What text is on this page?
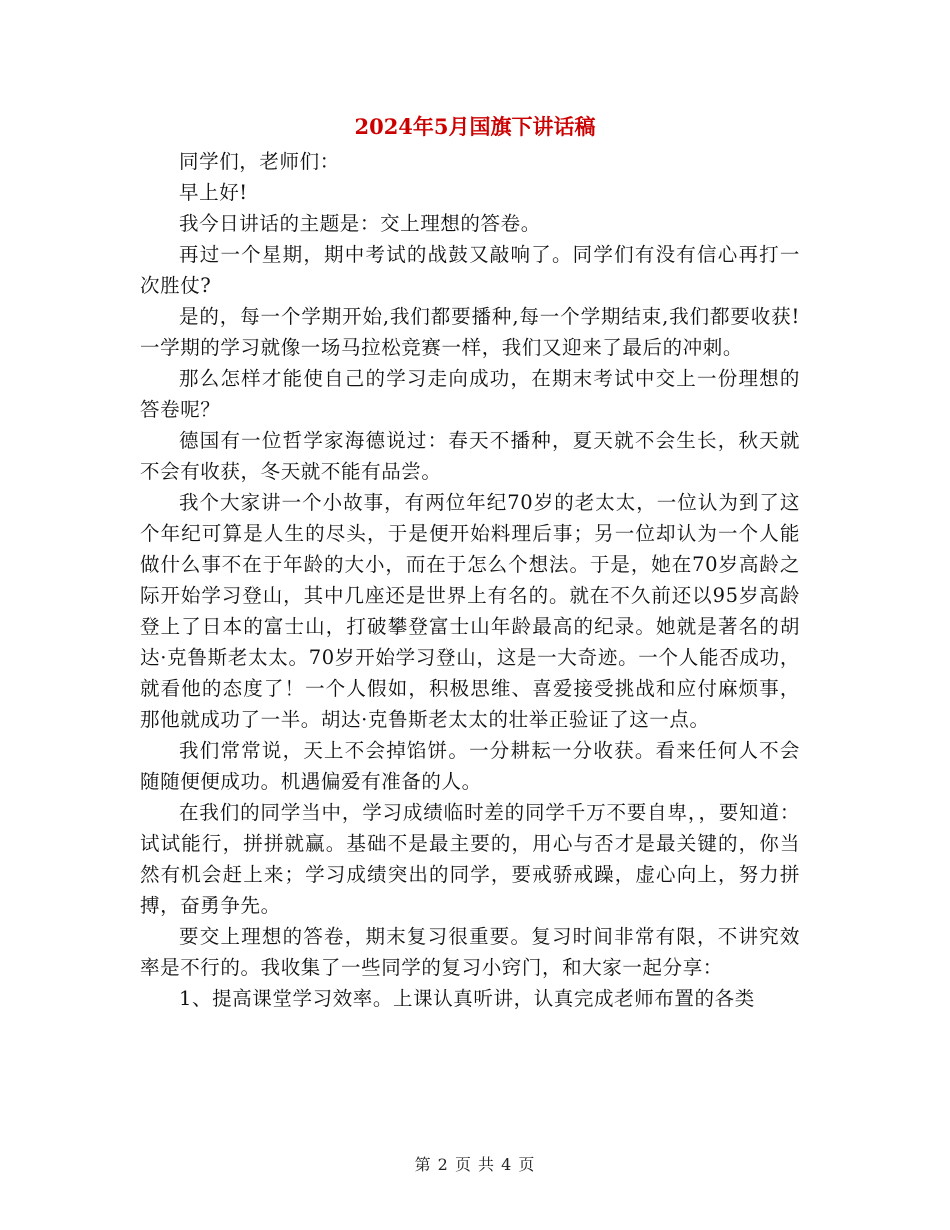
2024年5月国旗下讲话稿

同学们，老师们：

早上好!

我今日讲话的主题是：交上理想的答卷。

再过一个星期，期中考试的战鼓又敲响了。同学们有没有信心再打一次胜仗?

是的，每一个学期开始,我们都要播种,每一个学期结束,我们都要收获!一学期的学习就像一场马拉松竞赛一样，我们又迎来了最后的冲刺。

那么怎样才能使自己的学习走向成功，在期末考试中交上一份理想的答卷呢？

德国有一位哲学家海德说过：春天不播种，夏天就不会生长，秋天就不会有收获，冬天就不能有品尝。

我个大家讲一个小故事，有两位年纪70岁的老太太，一位认为到了这个年纪可算是人生的尽头，于是便开始料理后事；另一位却认为一个人能做什么事不在于年龄的大小，而在于怎么个想法。于是，她在70岁高龄之际开始学习登山，其中几座还是世界上有名的。就在不久前还以95岁高龄登上了日本的富士山，打破攀登富士山年龄最高的纪录。她就是著名的胡达·克鲁斯老太太。70岁开始学习登山，这是一大奇迹。一个人能否成功，就看他的态度了！一个人假如，积极思维、喜爱接受挑战和应付麻烦事，那他就成功了一半。胡达·克鲁斯老太太的壮举正验证了这一点。

我们常常说，天上不会掉馅饼。一分耕耘一分收获。看来任何人不会随随便便成功。机遇偏爱有准备的人。

在我们的同学当中，学习成绩临时差的同学千万不要自卑，，要知道：试试能行，拼拼就赢。基础不是最主要的，用心与否才是最关键的，你当然有机会赶上来；学习成绩突出的同学，要戒骄戒躁，虚心向上，努力拼搏，奋勇争先。

要交上理想的答卷，期末复习很重要。复习时间非常有限，不讲究效率是不行的。我收集了一些同学的复习小窍门，和大家一起分享：

1、提高课堂学习效率。上课认真听讲，认真完成老师布置的各类

第 2 页 共 4 页
